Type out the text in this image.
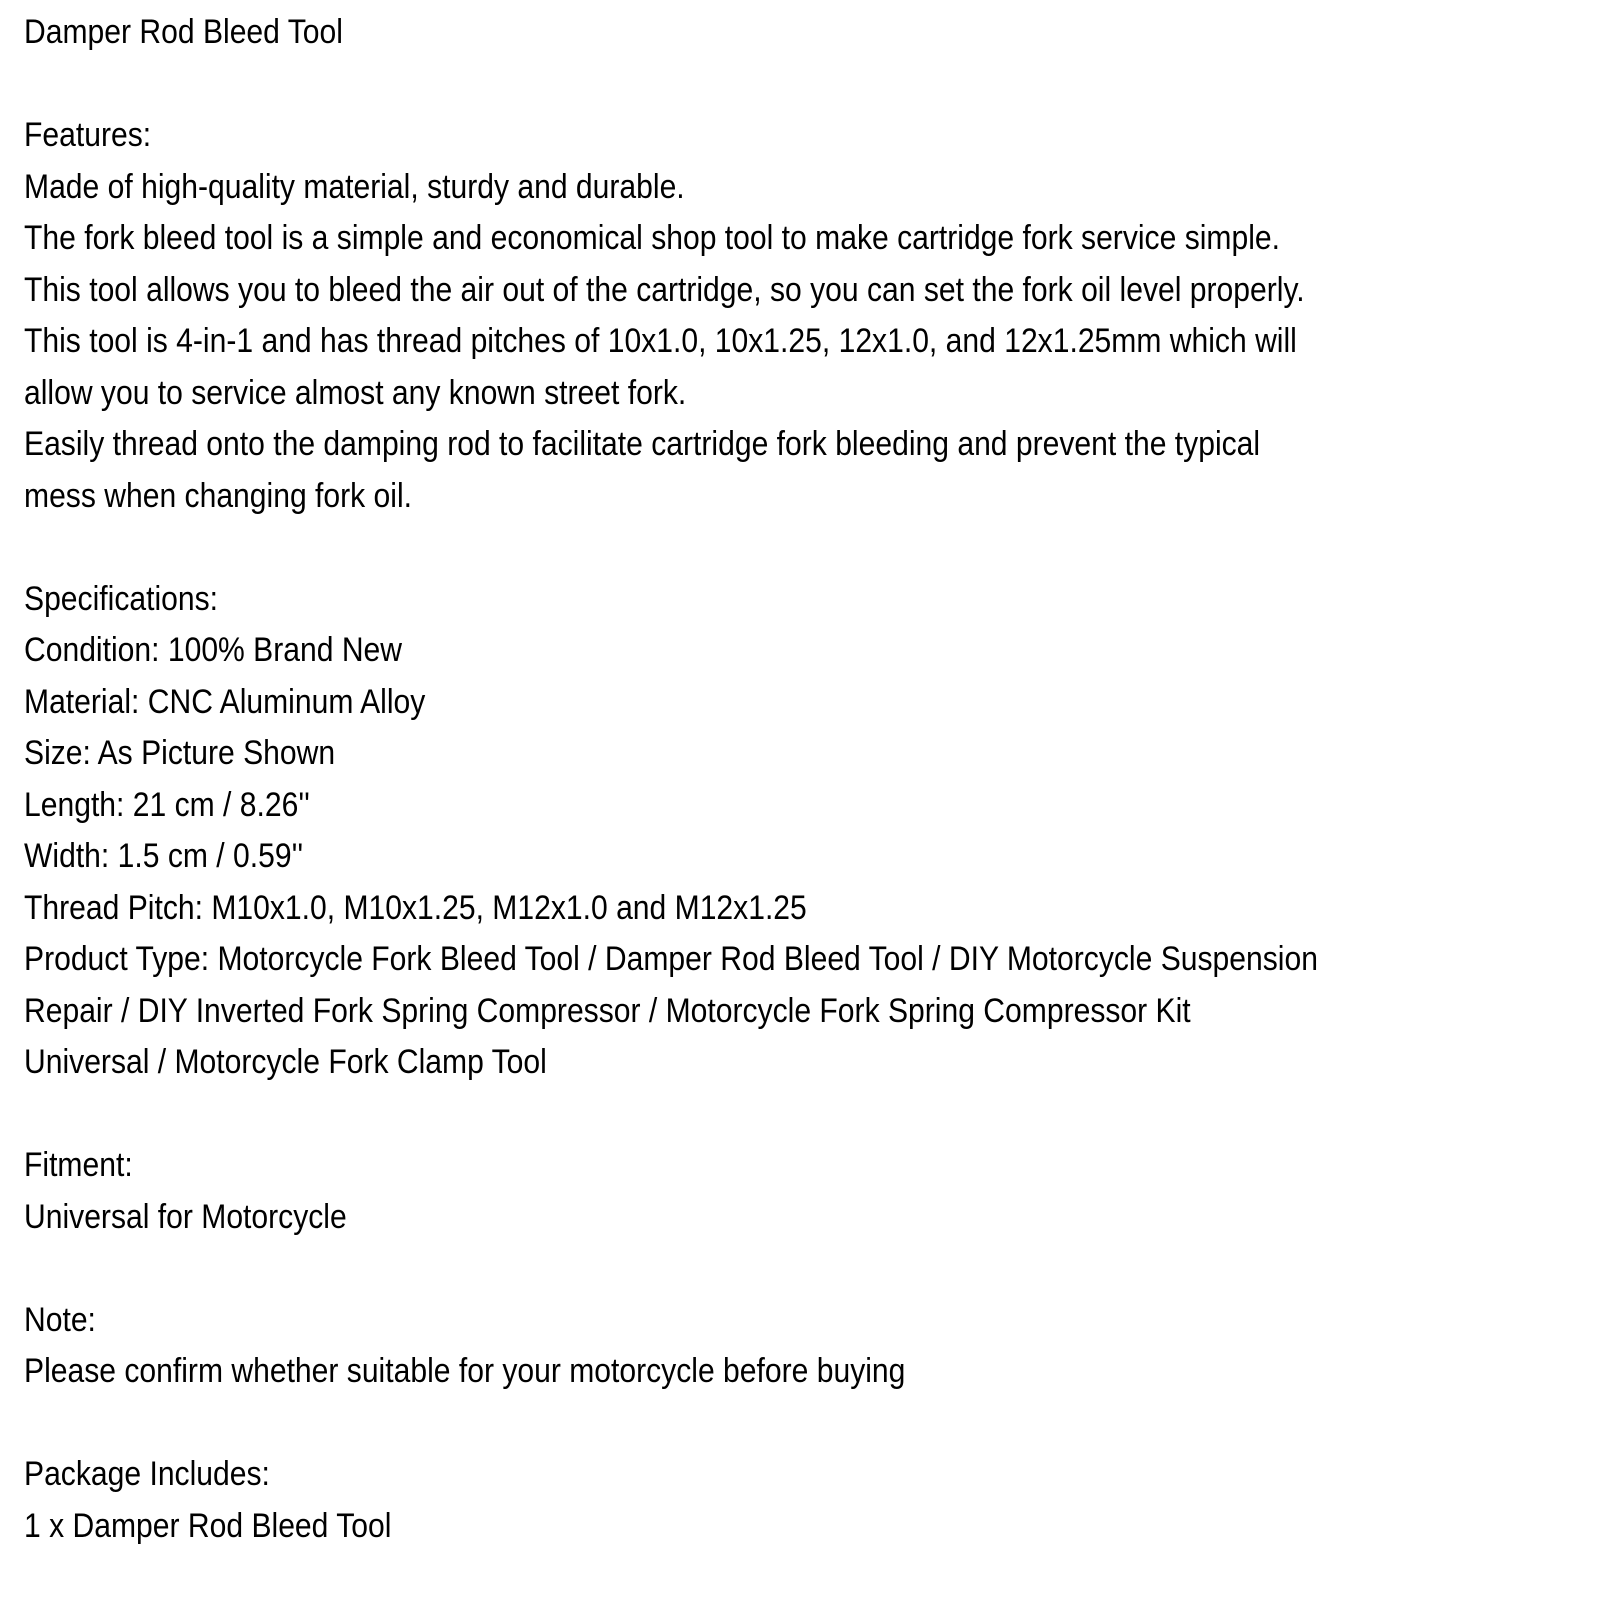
Damper Rod Bleed Tool
Features:
Made of high-quality material, sturdy and durable.
The fork bleed tool is a simple and economical shop tool to make cartridge fork service simple.
This tool allows you to bleed the air out of the cartridge, so you can set the fork oil level properly.
This tool is 4-in-1 and has thread pitches of 10x1.0, 10x1.25, 12x1.0, and 12x1.25mm which will
allow you to service almost any known street fork.
Easily thread onto the damping rod to facilitate cartridge fork bleeding and prevent the typical
mess when changing fork oil.
Specifications:
Condition: 100% Brand New
Material: CNC Aluminum Alloy
Size: As Picture Shown
Length: 21 cm / 8.26''
Width: 1.5 cm / 0.59''
Thread Pitch: M10x1.0, M10x1.25, M12x1.0 and M12x1.25
Product Type: Motorcycle Fork Bleed Tool / Damper Rod Bleed Tool / DIY Motorcycle Suspension
Repair / DIY Inverted Fork Spring Compressor / Motorcycle Fork Spring Compressor Kit
Universal / Motorcycle Fork Clamp Tool
Fitment:
Universal for Motorcycle
Note:
Please confirm whether suitable for your motorcycle before buying
Package Includes:
1 x Damper Rod Bleed Tool
